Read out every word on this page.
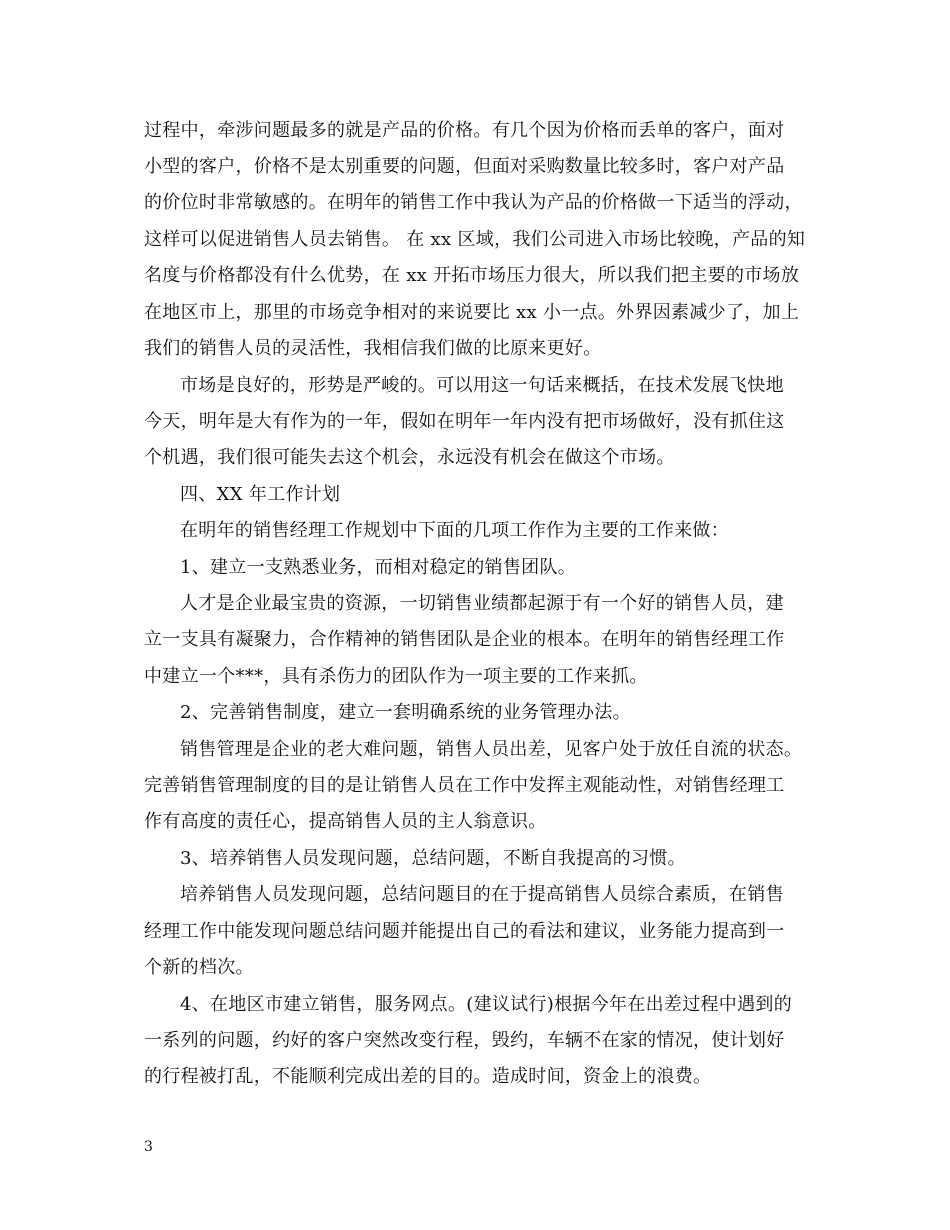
过程中，牵涉问题最多的就是产品的价格。有几个因为价格而丢单的客户，面对
小型的客户，价格不是太别重要的问题，但面对采购数量比较多时，客户对产品
的价位时非常敏感的。在明年的销售工作中我认为产品的价格做一下适当的浮动，
这样可以促进销售人员去销售。 在 xx 区域，我们公司进入市场比较晚，产品的知
名度与价格都没有什么优势，在 xx 开拓市场压力很大，所以我们把主要的市场放
在地区市上，那里的市场竞争相对的来说要比 xx 小一点。外界因素减少了，加上
我们的销售人员的灵活性，我相信我们做的比原来更好。
市场是良好的，形势是严峻的。可以用这一句话来概括，在技术发展飞快地
今天，明年是大有作为的一年，假如在明年一年内没有把市场做好，没有抓住这
个机遇，我们很可能失去这个机会，永远没有机会在做这个市场。
四、XX 年工作计划
在明年的销售经理工作规划中下面的几项工作作为主要的工作来做：
1、建立一支熟悉业务，而相对稳定的销售团队。
人才是企业最宝贵的资源，一切销售业绩都起源于有一个好的销售人员，建
立一支具有凝聚力，合作精神的销售团队是企业的根本。在明年的销售经理工作
中建立一个***，具有杀伤力的团队作为一项主要的工作来抓。
2、完善销售制度，建立一套明确系统的业务管理办法。
销售管理是企业的老大难问题，销售人员出差，见客户处于放任自流的状态。
完善销售管理制度的目的是让销售人员在工作中发挥主观能动性，对销售经理工
作有高度的责任心，提高销售人员的主人翁意识。
3、培养销售人员发现问题，总结问题，不断自我提高的习惯。
培养销售人员发现问题，总结问题目的在于提高销售人员综合素质，在销售
经理工作中能发现问题总结问题并能提出自己的看法和建议，业务能力提高到一
个新的档次。
4、在地区市建立销售，服务网点。(建议试行)根据今年在出差过程中遇到的
一系列的问题，约好的客户突然改变行程，毁约，车辆不在家的情况，使计划好
的行程被打乱，不能顺利完成出差的目的。造成时间，资金上的浪费。
3
